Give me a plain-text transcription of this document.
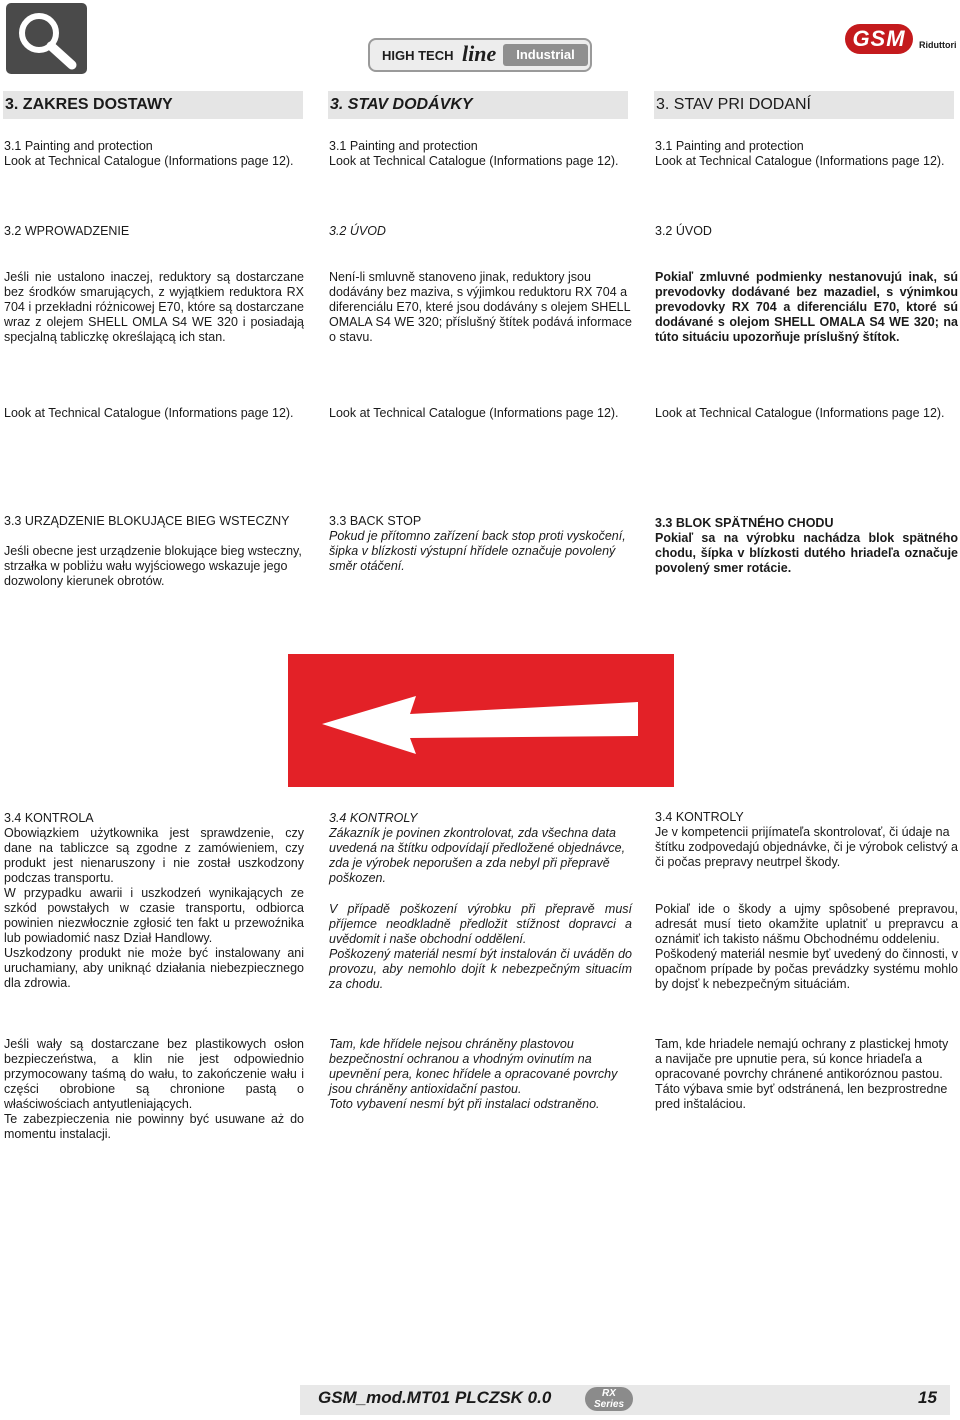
HIGH TECH line	Industrial
GSM	Riduttori
3. ZAKRES DOSTAWY	3. STAV DODÁVKY	3. STAV PRI DODANÍ
3.1 Painting and protection
Look at Technical Catalogue (Informations page 12).
3.1 Painting and protection
Look at Technical Catalogue (Informations page 12).
3.1 Painting and protection
Look at Technical Catalogue (Informations page 12).
3.2 WPROWADZENIE	3.2 ÚVOD	3.2 ÚVOD
Jeśli nie ustalono inaczej, reduktory są dostarczane bez środków smarujących, z wyjątkiem reduktora RX 704 i przekładni różnicowej E70, które są dostarczane wraz z olejem SHELL OMLA S4 WE 320 i posiadają specjalną tabliczkę określającą ich stan.
Není-li smluvně stanoveno jinak, reduktory jsou dodávány bez maziva, s výjimkou reduktoru RX 704 a diferenciálu E70, které jsou dodávány s olejem SHELL OMALA S4 WE 320; příslušný štítek podává informace o stavu.
Pokiaľ zmluvné podmienky nestanovujú inak, sú prevodovky dodávané bez mazadiel, s výnimkou prevodovky RX 704 a diferenciálu E70, ktoré sú dodávané s olejom SHELL OMALA S4 WE 320; na túto situáciu upozorňuje príslušný štítok.
Look at Technical Catalogue (Informations page 12).	Look at Technical Catalogue (Informations page 12).	Look at Technical Catalogue (Informations page 12).
3.3 URZĄDZENIE BLOKUJĄCE BIEG WSTECZNY
Jeśli obecne jest urządzenie blokujące bieg wsteczny, strzałka w pobliżu wału wyjściowego wskazuje jego dozwolony kierunek obrotów.
3.3 BACK STOP
Pokud je přítomno zařízení back stop proti vyskočení, šipka v blízkosti výstupní hřídele označuje povolený směr otáčení.
3.3 BLOK SPÄTNÉHO CHODU
Pokiaľ sa na výrobku nachádza blok spätného chodu, šípka v blízkosti dutého hriadeľa označuje povolený smer rotácie.
3.4 KONTROLA
Obowiązkiem użytkownika jest sprawdzenie, czy dane na tabliczce są zgodne z zamówieniem, czy produkt jest nienaruszony i nie został uszkodzony podczas transportu.
W przypadku awarii i uszkodzeń wynikających ze szkód powstałych w czasie transportu, odbiorca powinien niezwłocznie zgłosić ten fakt u przewoźnika lub powiadomić nasz Dział Handlowy.
Uszkodzony produkt nie może być instalowany ani uruchamiany, aby uniknąć działania niebezpiecznego dla zdrowia.
Jeśli wały są dostarczane bez plastikowych osłon bezpieczeństwa, a klin nie jest odpowiednio przymocowany taśmą do wału, to zakończenie wału i części obrobione są chronione pastą o właściwościach antyutleniających.
Te zabezpieczenia nie powinny być usuwane aż do momentu instalacji.
3.4 KONTROLY
Zákazník je povinen zkontrolovat, zda všechna data uvedená na štítku odpovídají předložené objednávce, zda je výrobek neporušen a zda nebyl při přepravě poškozen.
V případě poškození výrobku při přepravě musí příjemce neodkladně předložit stížnost dopravci a uvědomit i naše obchodní oddělení.
Poškozený materiál nesmí být instalován či uváděn do provozu, aby nemohlo dojít k nebezpečným situacím za chodu.
Tam, kde hřídele nejsou chráněny plastovou bezpečnostní ochranou a vhodným ovinutím na upevnění pera, konec hřídele a opracované povrchy jsou chráněny antioxidační pastou.
Toto vybavení nesmí být při instalaci odstraněno.
3.4 KONTROLY
Je v kompetencii prijímateľa skontrolovať, či údaje na štítku zodpovedajú objednávke, či je výrobok celistvý a či počas prepravy neutrpel škody.
Pokiaľ ide o škody a ujmy spôsobené prepravou, adresát musí tieto okamžite uplatniť u prepravcu a oznámiť ich takisto nášmu Obchodnému oddeleniu.
Poškodený materiál nesmie byť uvedený do činnosti, v opačnom prípade by počas prevádzky systému mohlo by dojsť k nebezpečným situáciám.
Tam, kde hriadele nemajú ochrany z plastickej hmoty a navijače pre upnutie pera, sú konce hriadeľa a opracované povrchy chránené antikoróznou pastou.
Táto výbava smie byť odstránená, len bezprostredne pred inštaláciou.
GSM_mod.MT01 PLCZSK 0.0	RX
Series	15
